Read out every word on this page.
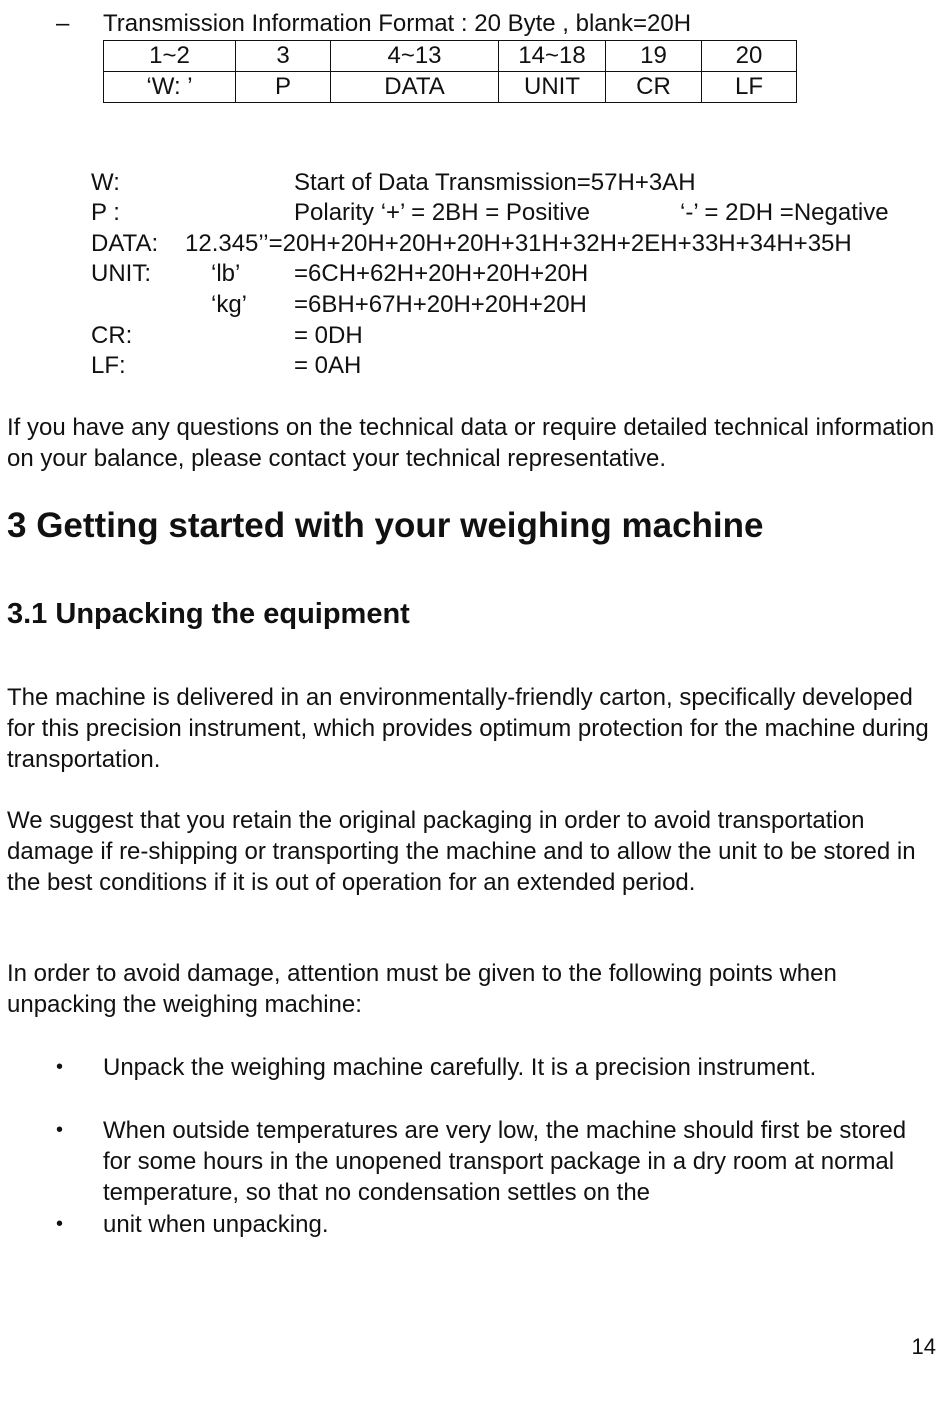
– Transmission Information Format : 20 Byte , blank=20H
1~2	3	4~13	14~18	19	20
‘W: ’	P	DATA	UNIT	CR	LF
W:	Start of Data Transmission=57H+3AH
P :	Polarity ‘+’ = 2BH = Positive	‘-’ = 2DH =Negative
DATA: 12.345’’=20H+20H+20H+20H+31H+32H+2EH+33H+34H+35H
UNIT:	‘lb’ =6CH+62H+20H+20H+20H
‘kg’ =6BH+67H+20H+20H+20H
CR:	= 0DH
LF:	= 0AH
If you have any questions on the technical data or require detailed technical information on your balance, please contact your technical representative.
3 Getting started with your weighing machine
3.1 Unpacking the equipment
The machine is delivered in an environmentally-friendly carton, specifically developed for this precision instrument, which provides optimum protection for the machine during transportation.
We suggest that you retain the original packaging in order to avoid transportation damage if re-shipping or transporting the machine and to allow the unit to be stored in the best conditions if it is out of operation for an extended period.
In order to avoid damage, attention must be given to the following points when unpacking the weighing machine:
• Unpack the weighing machine carefully. It is a precision instrument.
• When outside temperatures are very low, the machine should first be stored for some hours in the unopened transport package in a dry room at normal temperature, so that no condensation settles on the
• unit when unpacking.
14
